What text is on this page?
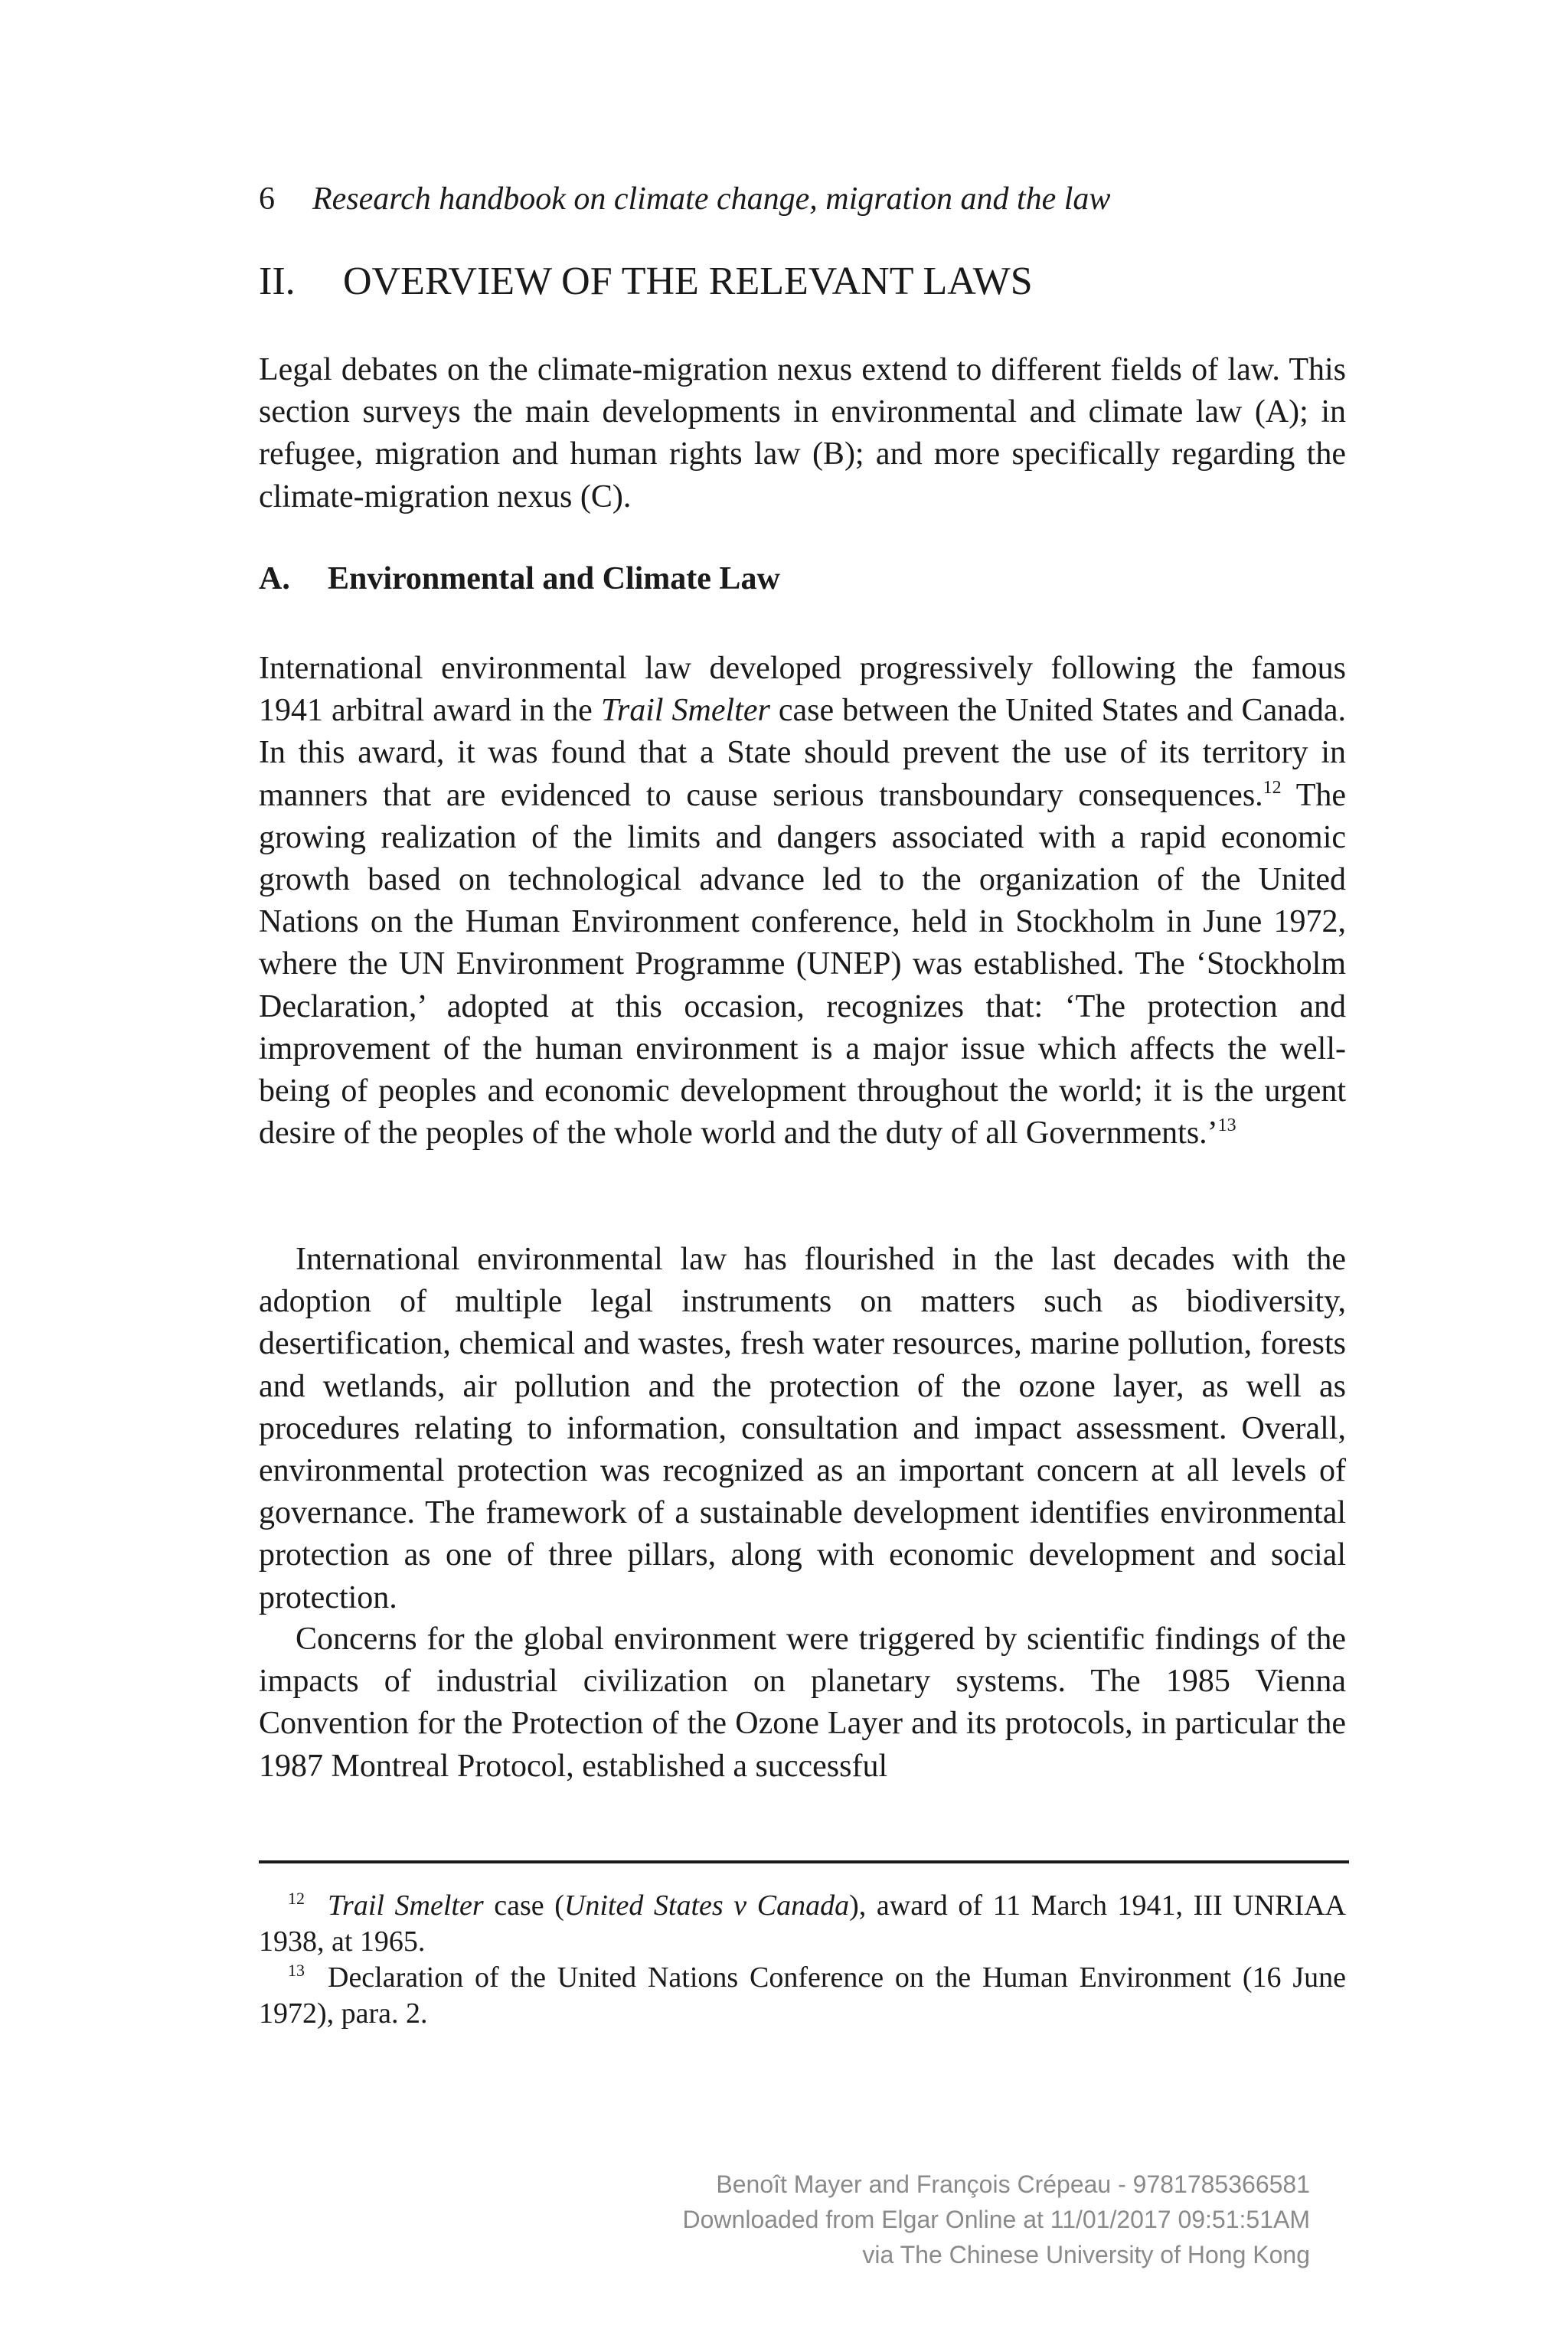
6 Research handbook on climate change, migration and the law
II. OVERVIEW OF THE RELEVANT LAWS

Legal debates on the climate-migration nexus extend to different fields of law. This section surveys the main developments in environmental and climate law (A); in refugee, migration and human rights law (B); and more specifically regarding the climate-migration nexus (C).

A. Environmental and Climate Law

International environmental law developed progressively following the famous 1941 arbitral award in the Trail Smelter case between the United States and Canada. In this award, it was found that a State should prevent the use of its territory in manners that are evidenced to cause serious transboundary consequences.$^{12}$ The growing realization of the limits and dangers associated with a rapid economic growth based on technological advance led to the organization of the United Nations on the Human Environment conference, held in Stockholm in June 1972, where the UN Environment Programme (UNEP) was established. The ‘Stockholm Declaration,’ adopted at this occasion, recognizes that: ‘The protection and improvement of the human environment is a major issue which affects the well-being of peoples and economic development throughout the world; it is the urgent desire of the peoples of the whole world and the duty of all Governments.’$^{13}$

International environmental law has flourished in the last decades with the adoption of multiple legal instruments on matters such as biodiversity, desertification, chemical and wastes, fresh water resources, marine pollution, forests and wetlands, air pollution and the protection of the ozone layer, as well as procedures relating to information, consultation and impact assessment. Overall, environmental protection was recognized as an important concern at all levels of governance. The framework of a sustainable development identifies environmental protection as one of three pillars, along with economic development and social protection.

Concerns for the global environment were triggered by scientific findings of the impacts of industrial civilization on planetary systems. The 1985 Vienna Convention for the Protection of the Ozone Layer and its protocols, in particular the 1987 Montreal Protocol, established a successful

$^{12}$ Trail Smelter case (United States v Canada), award of 11 March 1941, III UNRIAA 1938, at 1965.

$^{13}$ Declaration of the United Nations Conference on the Human Environment (16 June 1972), para. 2.

Benoît Mayer and François Crépeau - 9781785366581
Downloaded from Elgar Online at 11/01/2017 09:51:51AM
via The Chinese University of Hong Kong
